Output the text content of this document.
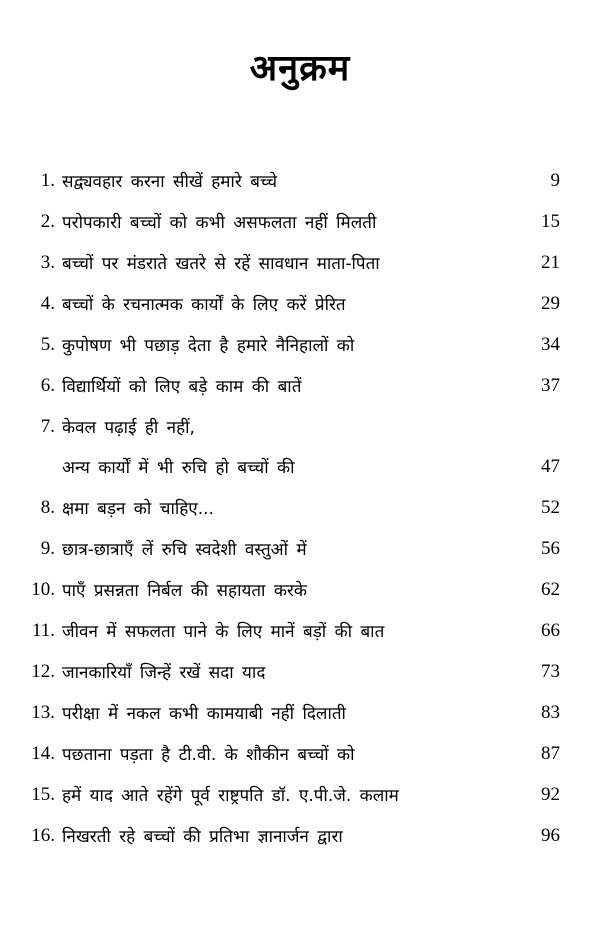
अनुक्रम
1. सद्व्यवहार करना सीखें हमारे बच्चे	9
2. परोपकारी बच्चों को कभी असफलता नहीं मिलती	15
3. बच्चों पर मंडराते खतरे से रहें सावधान माता-पिता	21
4. बच्चों के रचनात्मक कार्यों के लिए करें प्रेरित	29
5. कुपोषण भी पछाड़ देता है हमारे नैनिहालों को	34
6. विद्यार्थियों को लिए बड़े काम की बातें	37
7. केवल पढ़ाई ही नहीं,
अन्य कार्यों में भी रुचि हो बच्चों की	47
8. क्षमा बड़न को चाहिए...	52
9. छात्र-छात्राएँ लें रुचि स्वदेशी वस्तुओं में	56
10. पाएँ प्रसन्नता निर्बल की सहायता करके	62
11. जीवन में सफलता पाने के लिए मानें बड़ों की बात	66
12. जानकारियाँ जिन्हें रखें सदा याद	73
13. परीक्षा में नकल कभी कामयाबी नहीं दिलाती	83
14. पछताना पड़ता है टी.वी. के शौकीन बच्चों को	87
15. हमें याद आते रहेंगे पूर्व राष्ट्रपति डॉ. ए.पी.जे. कलाम	92
16. निखरती रहे बच्चों की प्रतिभा ज्ञानार्जन द्वारा	96
